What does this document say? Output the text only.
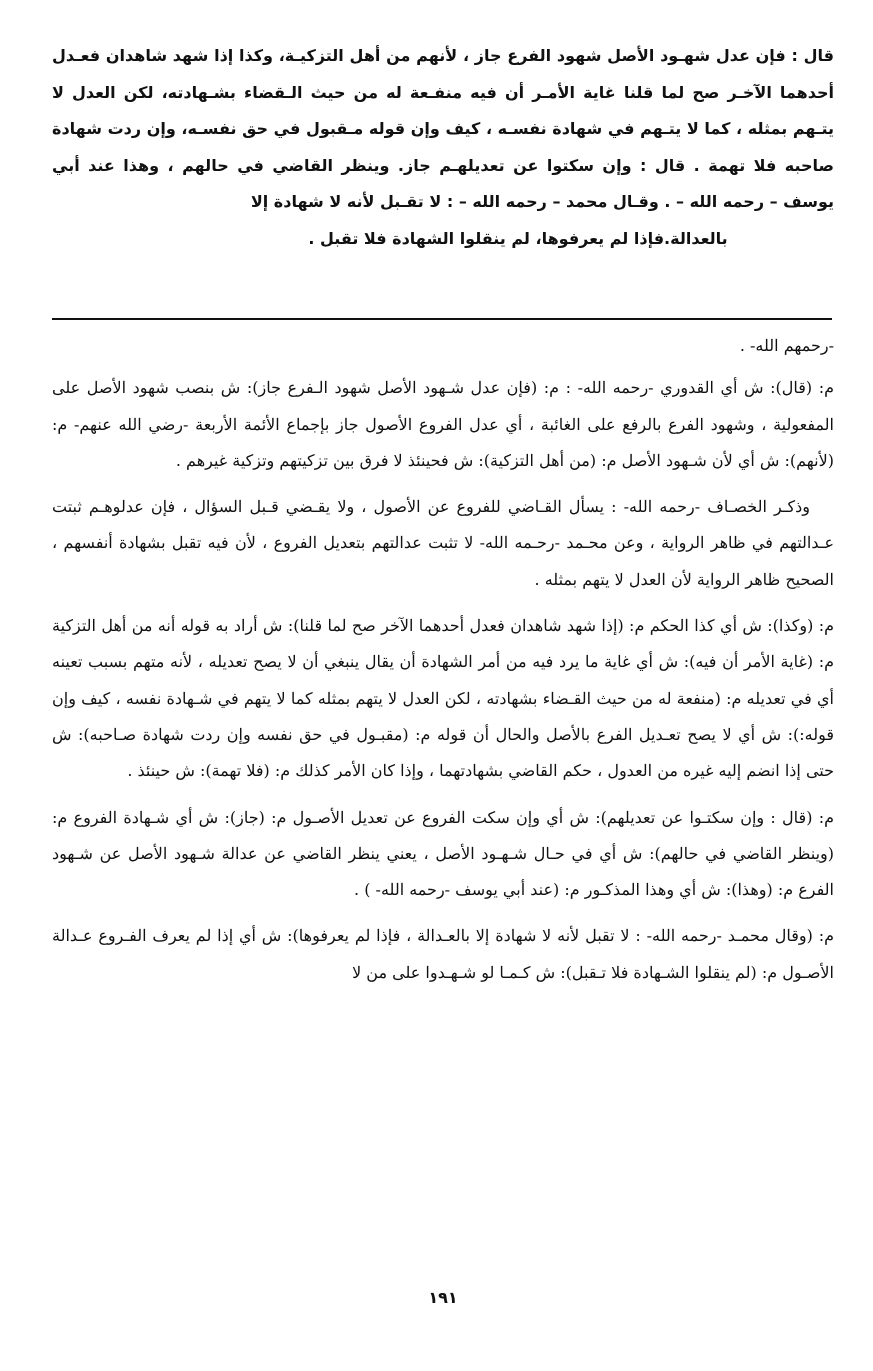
قال : فإن عدل شهـود الأصل شهود الفرع جاز ، لأنهم من أهل التزكيـة، وكذا إذا شهد شاهدان فعـدل أحدهما الآخـر صح لما قلنا غاية الأمـر أن فيه منفـعة له من حيث الـقضاء بشـهادته، لكن العدل لا يتـهم بمثله ، كما لا يتـهم في شهادة نفسـه ، كيف وإن قوله مـقبول في حق نفسـه، وإن ردت شهادة صاحبه فلا تهمة . قال : وإن سكتوا عن تعديلهـم جاز. وينظر القاضي في حالهم ، وهذا عند أبي يوسف – رحمه الله – . وقـال محمد – رحمه الله – : لا تقـبل لأنه لا شهادة إلا

بالعدالة.فإذا لم يعرفوها، لم ينقلوا الشهادة فلا تقبل .

-رحمهم الله- .

م: (قال): ش أي القدوري -رحمه الله- : م: (فإن عدل شـهود الأصل شهود الـفرع جاز): ش بنصب شهود الأصل على المفعولية ، وشهود الفرع بالرفع على الغائبة ، أي عدل الفروع الأصول جاز بإجماع الأئمة الأربعة -رضي الله عنهم- م: (لأنهم): ش أي لأن شـهود الأصل م: (من أهل التزكية): ش فحينئذ لا فرق بين تزكيتهم وتزكية غيرهم .

وذكـر الخصـاف -رحمه الله- : يسأل القـاضي للفروع عن الأصول ، ولا يقـضي قـبل السؤال ، فإن عدلوهـم ثبتت عـدالتهم في ظاهر الرواية ، وعن محـمد -رحـمه الله- لا تثبت عدالتهم بتعديل الفروع ، لأن فيه تقبل بشهادة أنفسهم ، الصحيح ظاهر الرواية لأن العدل لا يتهم بمثله .

م: (وكذا): ش أي كذا الحكم م: (إذا شهد شاهدان فعدل أحدهما الآخر صح لما قلنا): ش أراد به قوله أنه من أهل التزكية م: (غاية الأمر أن فيه): ش أي غاية ما يرد فيه من أمر الشهادة أن يقال ينبغي أن لا يصح تعديله ، لأنه متهم بسبب تعينه أي في تعديله م: (منفعة له من حيث القـضاء بشهادته ، لكن العدل لا يتهم بمثله كما لا يتهم في شـهادة نفسه ، كيف وإن قوله:): ش أي لا يصح تعـديل الفرع بالأصل والحال أن قوله م: (مقبـول في حق نفسه وإن ردت شهادة صـاحبه): ش حتى إذا انضم إليه غيره من العدول ، حكم القاضي بشهادتهما ، وإذا كان الأمر كذلك م: (فلا تهمة): ش حينئذ .

م: (قال : وإن سكتـوا عن تعديلهم): ش أي وإن سكت الفروع عن تعديل الأصـول م: (جاز): ش أي شـهادة الفروع م: (وينظر القاضي في حالهم): ش أي في حـال شـهـود الأصل ، يعني ينظر القاضي عن عدالة شـهود الأصل عن شـهود الفرع م: (وهذا): ش أي وهذا المذكـور م: (عند أبي يوسف -رحمه الله- ) .

م: (وقال محمـد -رحمه الله- : لا تقبل لأنه لا شهادة إلا بالعـدالة ، فإذا لم يعرفوها): ش أي إذا لم يعرف الفـروع عـدالة الأصـول م: (لم ينقلوا الشـهادة فلا تـقبل): ش كـمـا لو شـهـدوا على من لا

١٩١
